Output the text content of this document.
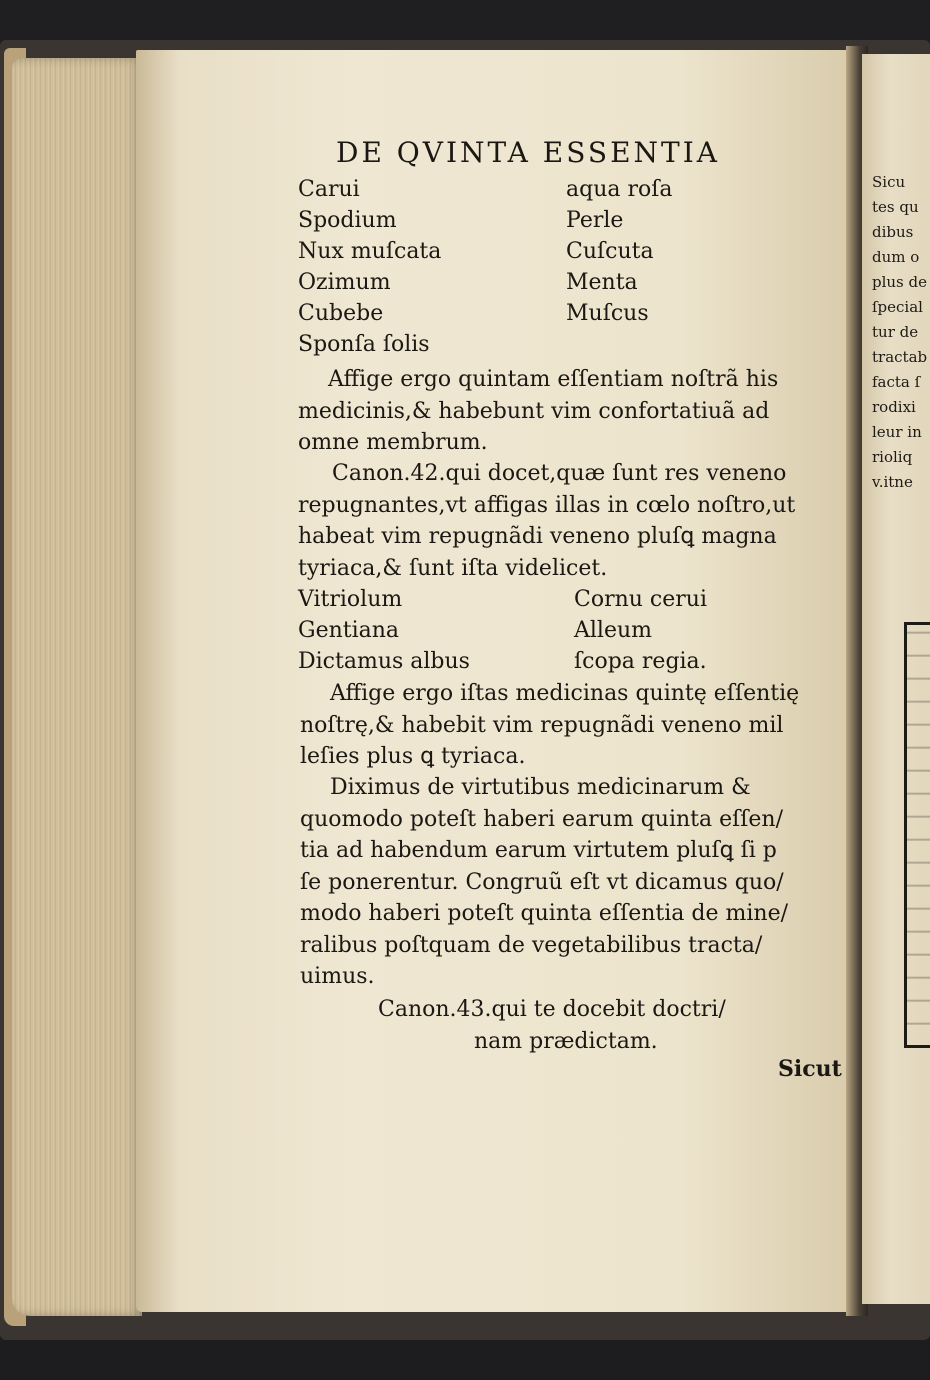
Sicu
tes qu
dibus
dum o
plus de
ſpecial
tur de
tractab
facta ſ
rodixi
leur in
rioliq
v.itne
DE QVINTA ESSENTIA
Carui
Spodium
Nux muſcata
Ozimum
Cubebe
Sponſa ſolis
aqua roſa
Perle
Cuſcuta
Menta
Muſcus
Affige ergo quintam eſſentiam noſtrã his
medicinis,& habebunt vim confortatiuã ad
omne membrum.
Canon.42.qui docet,quæ ſunt res veneno
repugnantes,vt affigas illas in cœlo noſtro,ut
habeat vim repugnãdi veneno pluſꝗ magna
tyriaca,& ſunt iſta videlicet.
Vitriolum
Gentiana
Dictamus albus
Cornu cerui
Alleum
ſcopa regia.
Affige ergo iſtas medicinas quintę eſſentię
noſtrę,& habebit vim repugnãdi veneno mil
leſies plus ꝗ tyriaca.
Diximus de virtutibus medicinarum &
quomodo poteſt haberi earum quinta eſſen/
tia ad habendum earum virtutem pluſꝗ ſi p
ſe ponerentur. Congruũ eſt vt dicamus quo/
modo haberi poteſt quinta eſſentia de mine/
ralibus poſtquam de vegetabilibus tracta/
uimus.
Canon.43.qui te docebit doctri/
nam prædictam.
Sicut
